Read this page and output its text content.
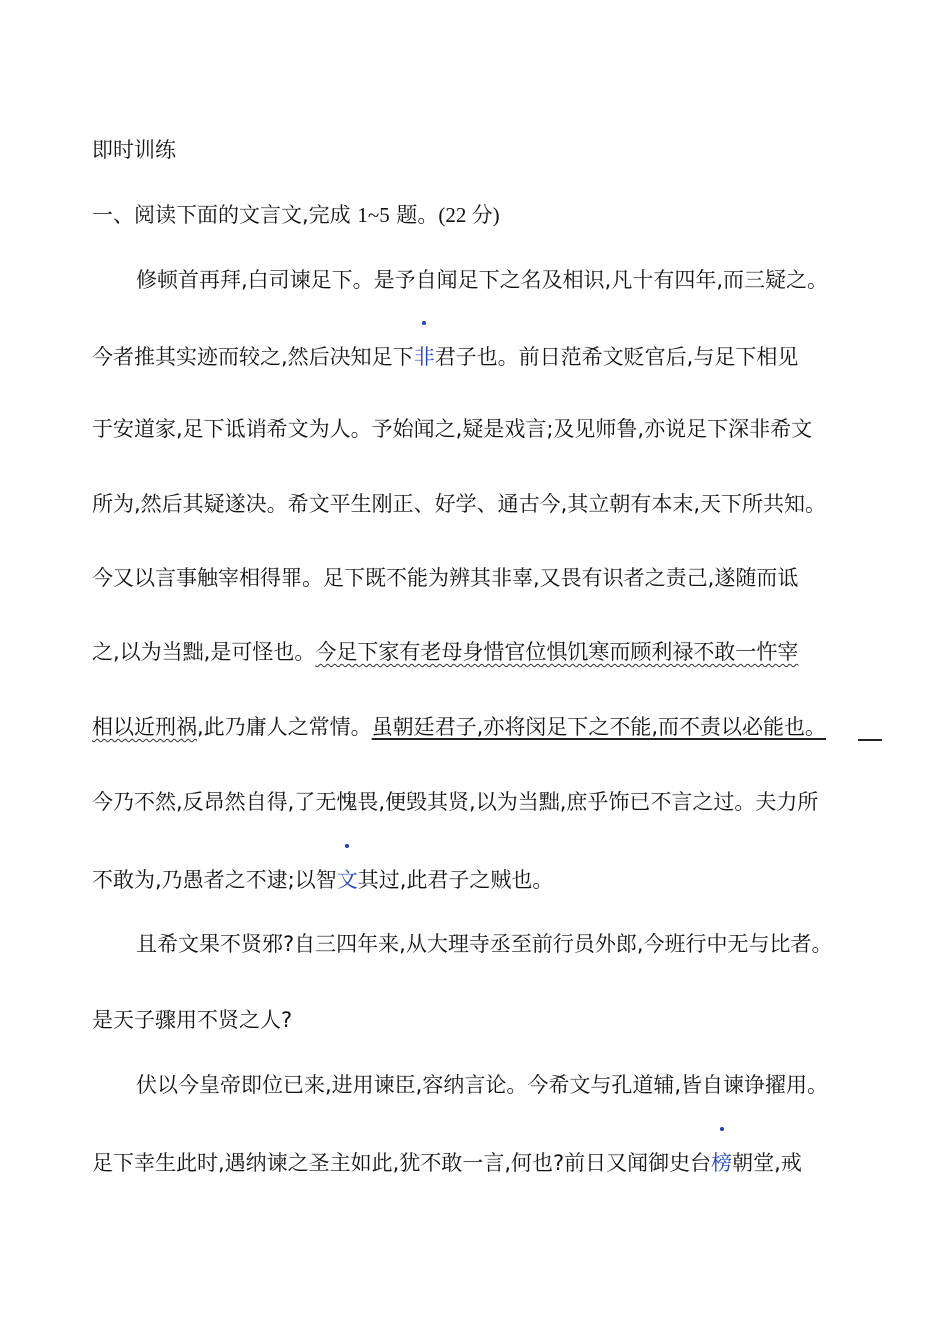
即时训练
一、阅读下面的文言文,完成 1~5 题。(22 分)
修顿首再拜,白司谏足下。是予自闻足下之名及相识,凡十有四年,而三疑之。
今者推其实迹而较之,然后决知足下
非君子也。前日范希文贬官后,与足下相见
于安道家,足下诋诮希文为人。予始闻之,疑是戏言;及见师鲁,亦说足下深非希文
所为,然后其疑遂决。希文平生刚正、好学、通古今,其立朝有本末,天下所共知。
今又以言事触宰相得罪。足下既不能为辨其非辜,又畏有识者之责己,遂随而诋
之,以为当黜,是可怪也。今足下家有老母身惜官位惧饥寒而顾利禄不敢一忤宰
相以近刑祸,此乃庸人之常情。虽朝廷君子,亦将闵足下之不能,而不责以必能也。
今乃不然,反昂然自得,了无愧畏,便毁其贤,以为当黜,庶乎饰已不言之过。夫力所
不敢为,乃愚者之不逮;以智
文其过,此君子之贼也。
且希文果不贤邪?自三四年来,从大理寺丞至前行员外郎,今班行中无与比者。
是天子骤用不贤之人?
伏以今皇帝即位已来,进用谏臣,容纳言论。今希文与孔道辅,皆自谏诤擢用。
足下幸生此时,遇纳谏之圣主如此,犹不敢一言,何也?前日又闻御史台
榜朝堂,戒
